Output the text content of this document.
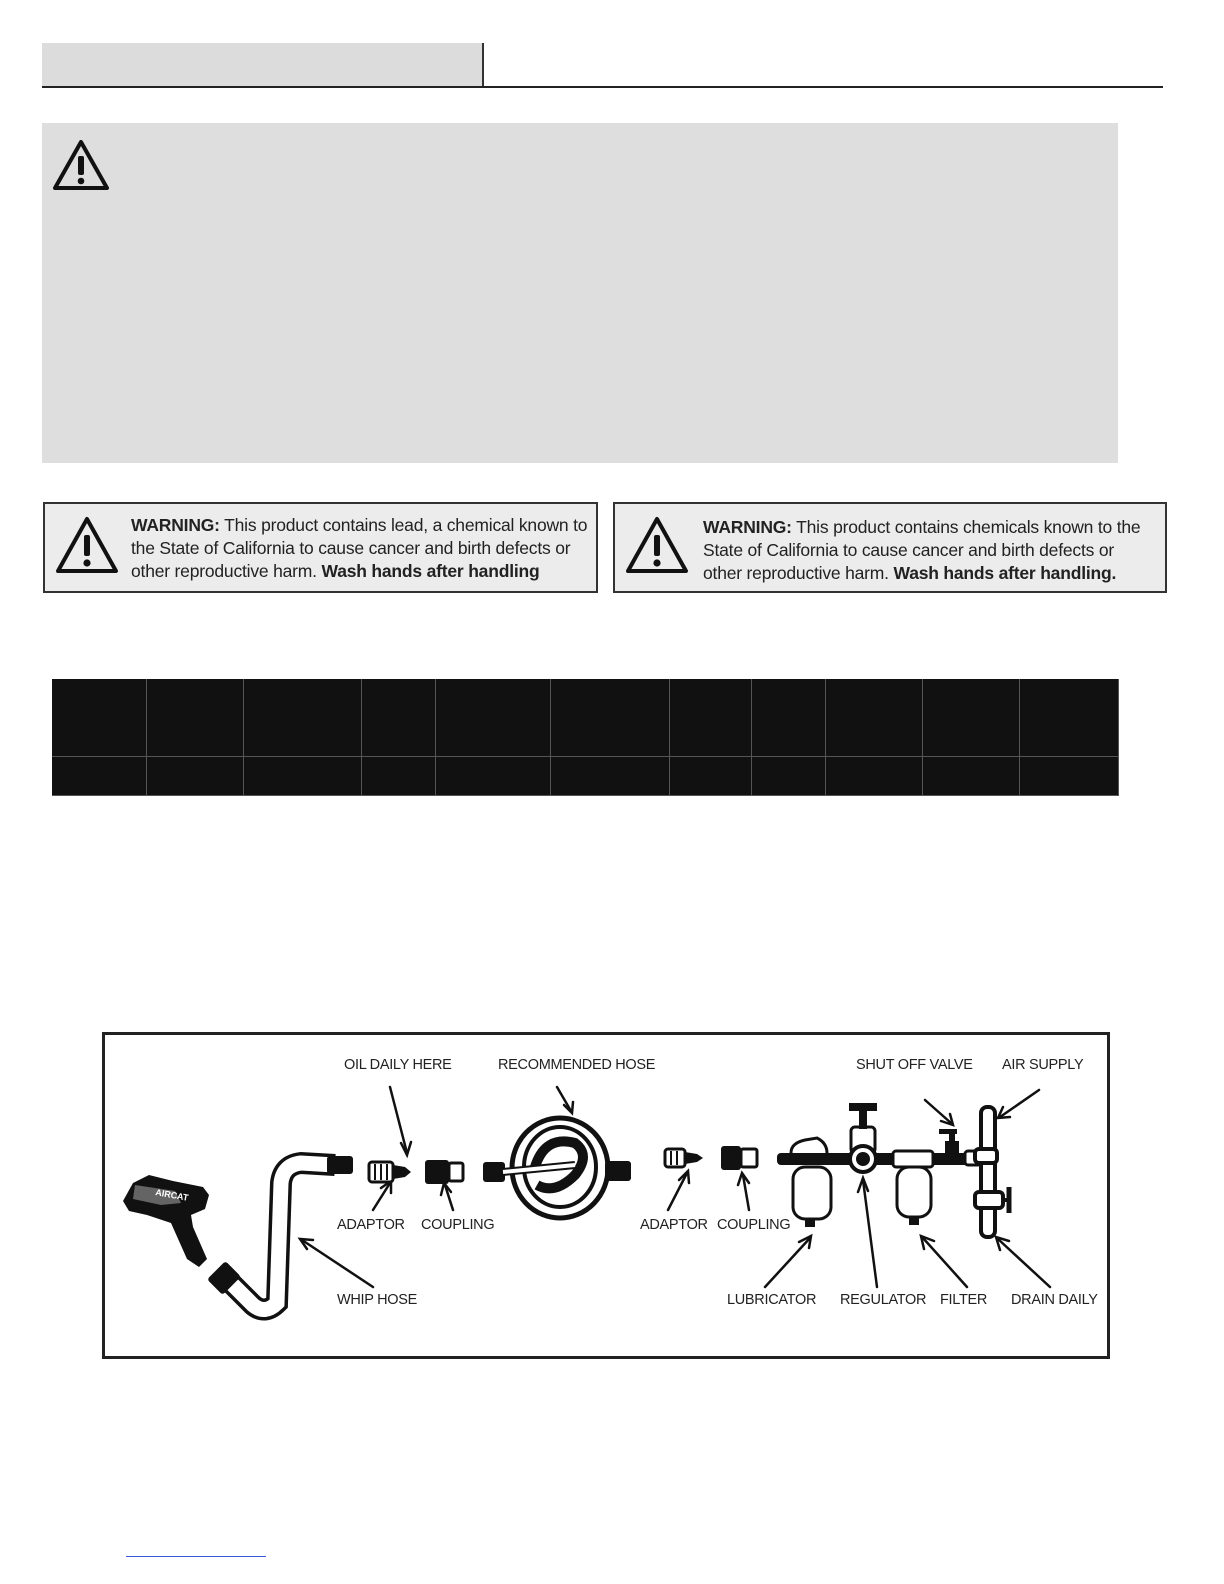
WARNING: This product contains lead, a chemical known to the State of California to cause cancer and birth defects or other reproductive harm. Wash hands after handling
WARNING: This product contains chemicals known to the State of California to cause cancer and birth defects or other reproductive harm. Wash hands after handling.

AIRCAT
OIL DAILY HERE	RECOMMENDED HOSE	SHUT OFF VALVE AIR SUPPLY
ADAPTOR COUPLING	ADAPTOR COUPLING
WHIP HOSE	LUBRICATOR REGULATOR FILTER DRAIN DAILY
